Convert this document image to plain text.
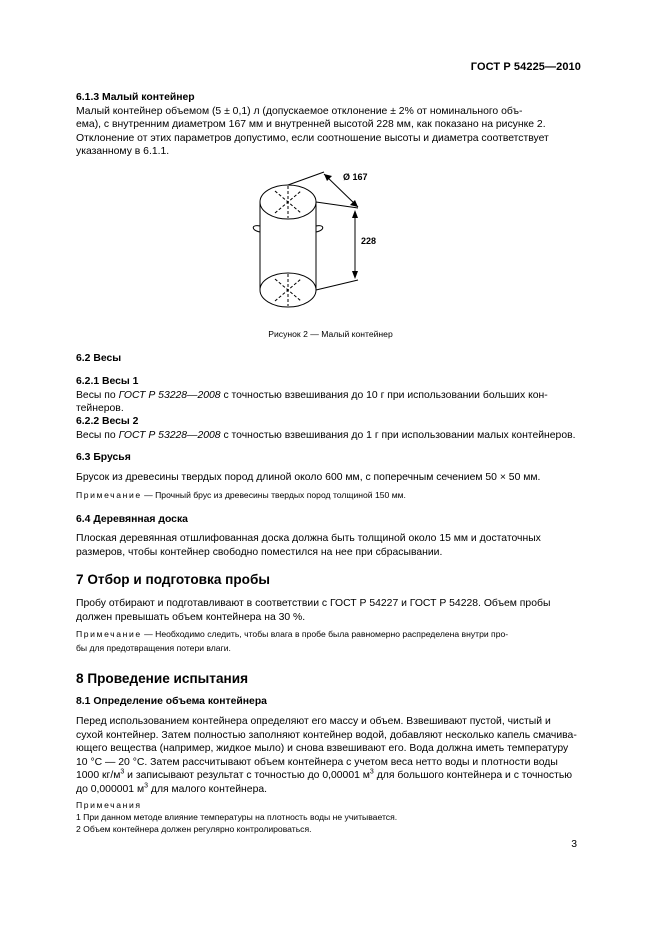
ГОСТ Р 54225—2010

6.1.3 Малый контейнер

Малый контейнер объемом (5 ± 0,1) л (допускаемое отклонение ± 2% от номинального объ-

ема), с внутренним диаметром 167 мм и внутренней высотой 228 мм, как показано на рисунке 2.

Отклонение от этих параметров допустимо, если соотношение высоты и диаметра соответствует

указанному в 6.1.1.

Ø 167
228
Рисунок 2 — Малый контейнер

6.2 Весы

6.2.1 Весы 1

Весы по ГОСТ Р 53228—2008 с точностью взвешивания до 10 г при использовании больших кон-

тейнеров.

6.2.2 Весы 2

Весы по ГОСТ Р 53228—2008 с точностью взвешивания до 1 г при использовании малых контейнеров.

6.3 Брусья

Брусок из древесины твердых пород длиной около 600 мм, с поперечным сечением 50 × 50 мм.

Примечание — Прочный брус из древесины твердых пород толщиной 150 мм.

6.4 Деревянная доска

Плоская деревянная отшлифованная доска должна быть толщиной около 15 мм и достаточных

размеров, чтобы контейнер свободно поместился на нее при сбрасывании.

7 Отбор и подготовка пробы

Пробу отбирают и подготавливают в соответствии с ГОСТ Р 54227 и ГОСТ Р 54228. Объем пробы

должен превышать объем контейнера на 30 %.

Примечание — Необходимо следить, чтобы влага в пробе была равномерно распределена внутри про-

бы для предотвращения потери влаги.

8 Проведение испытания

8.1 Определение объема контейнера

Перед использованием контейнера определяют его массу и объем. Взвешивают пустой, чистый и

сухой контейнер. Затем полностью заполняют контейнер водой, добавляют несколько капель смачива-

ющего вещества (например, жидкое мыло) и снова взвешивают его. Вода должна иметь температуру

10 °С — 20 °С. Затем рассчитывают объем контейнера с учетом веса нетто воды и плотности воды

1000 $кг/м^3$ и записывают результат с точностью до 0,00001 $м^3$ для большого контейнера и с точностью

до 0,000001 $м^3$ для малого контейнера.

Примечания

1 При данном методе влияние температуры на плотность воды не учитывается.

2 Объем контейнера должен регулярно контролироваться.

3
